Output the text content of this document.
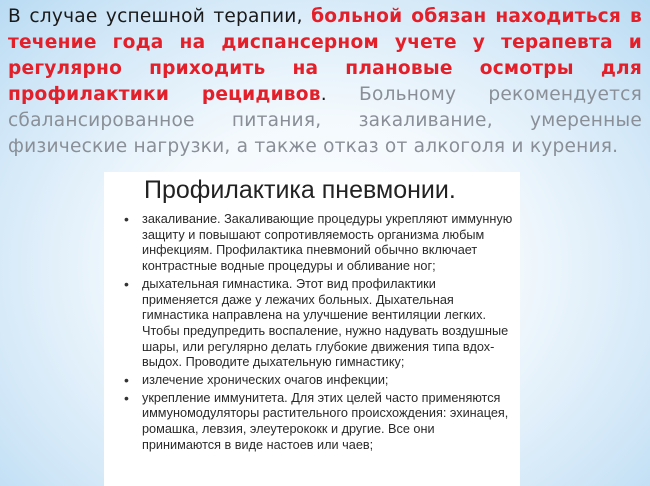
В случае успешной терапии, больной обязан находиться в течение года на диспансерном учете у терапевта и регулярно приходить на плановые осмотры для профилактики рецидивов. Больному рекомендуется сбалансированное питания, закаливание, умеренные физические нагрузки, а также отказ от алкоголя и курения.

Профилактика пневмонии.
• закаливание. Закаливающие процедуры укрепляют иммунную защиту и повышают сопротивляемость организма любым инфекциям. Профилактика пневмоний обычно включает контрастные водные процедуры и обливание ног;
• дыхательная гимнастика. Этот вид профилактики применяется даже у лежачих больных. Дыхательная гимнастика направлена на улучшение вентиляции легких. Чтобы предупредить воспаление, нужно надувать воздушные шары, или регулярно делать глубокие движения типа вдох-выдох. Проводите дыхательную гимнастику;
• излечение хронических очагов инфекции;
• укрепление иммунитета. Для этих целей часто применяются иммуномодуляторы растительного происхождения: эхинацея, ромашка, левзия, элеутерококк и другие. Все они принимаются в виде настоев или чаев;
